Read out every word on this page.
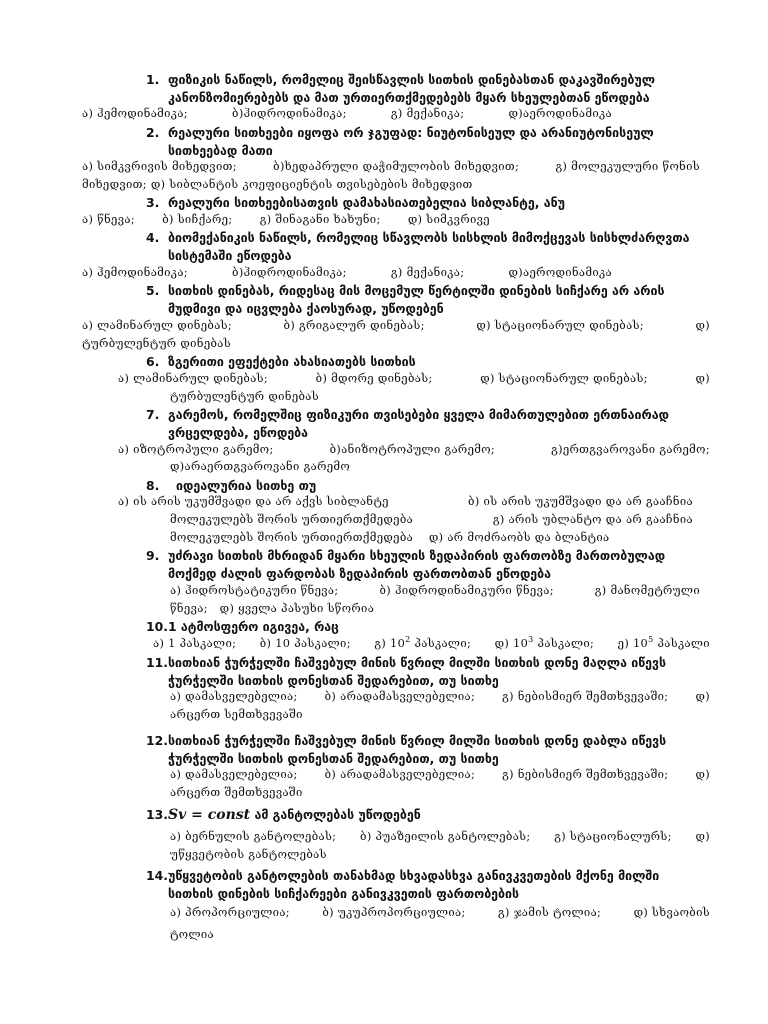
1. ფიზიკის ნაწილს, რომელიც შეისწავლის სითხის დინებასთან დაკავშირებულ
კანონზომიერებებს და მათ ურთიერთქმედებებს მყარ სხეულებთან ეწოდება
ა) ჰემოდინამიკა;	ბ)ჰიდროდინამიკა;	გ) მექანიკა;	დ)აეროდინამიკა
2. რეალური სითხეები იყოფა ორ ჯგუფად: ნიუტონისეულ და არანიუტონისეულ
სითხეებად მათი
ა) სიმკვრივის მიხედვით;	ბ)ხედაპრული დაჭიმულობის მიხედვით;	გ) მოლეკულური წონის
მიხედვით; დ) სიბლანტის კოეფიციენტის თვისებების მიხედვით
3. რეალური სითხეებისათვის დამახასიათებელია სიბლანტე, ანუ
ა) წნევა; ბ) სიჩქარე; გ) შინაგანი ხახუნი; დ) სიმკვრივე
4. ბიომექანიკის ნაწილს, რომელიც სწავლობს სისხლის მიმოქცევას სისხლძარღვთა
სისტემაში ეწოდება
ა) ჰემოდინამიკა;	ბ)ჰიდროდინამიკა;	გ) მექანიკა;	დ)აეროდინამიკა
5. სითხის დინებას, რიდესაც მის მოცემულ წერტილში დინების სიჩქარე არ არის
მუდმივი და იცვლება ქაოსურად, უწოდებენ
ა) ლამინარულ დინებას;	ბ) გრიგალურ დინებას;	დ) სტაციონარულ დინებას;	დ)
ტურბულენტურ დინებას
6. ზგერითი ეფექტები ახასიათებს სითხის
ა) ლამინარულ დინებას;	ბ) მდორე დინებას;	დ) სტაციონარულ დინებას;	დ)
ტურბულენტურ დინებას
7. გარემოს, რომელშიც ფიზიკური თვისებები ყველა მიმართულებით ერთნაირად
ვრცელდება, ეწოდება
ა) იზოტროპული გარემო;	ბ)ანიზოტროპული გარემო;	გ)ერთგვაროვანი გარემო;
დ)არაერთგვაროვანი გარემო
8. იდეალურია სითხე თუ
ა) ის არის უკუმშვადი და არ აქვს სიბლანტე	ბ) ის არის უკუმშვადი და არ გააჩნია
მოლეკულებს შორის ურთიერთქმედება	გ) არის უბლანტო და არ გააჩნია
მოლეკულებს შორის ურთიერთქმედება დ) არ მოძრაობს და ბლანტია
9. უძრავი სითხის მხრიდან მყარი სხეულის ზედაპირის ფართობზე მართობულად
მოქმედ ძალის ფარდობას ზედაპირის ფართობთან ეწოდება
ა) ჰიდროსტატიკური წნევა;	ბ) ჰიდროდინამიკური წნევა;	გ) მანომეტრული
წნევა; დ) ყველა პასუხი სწორია
10.1 ატმოსფერო იგივეა, რაც
ა) 1 პასკალი; ბ) 10 პასკალი; გ) $10^2$ პასკალი; დ) $10^3$ პასკალი; ე) $10^5$ პასკალი
11.სითხიან ჭურჭელში ჩაშვებულ მინის წვრილ მილში სითხის დონე მაღლა იწევს
ჭურჭელში სითხის დონესთან შედარებით, თუ სითხე
ა) დამასველებელია; ბ) არადამასველებელია; გ) ნებისმიერ შემთხვევაში; დ)
არცერთ სემთხვევაში
12.სითხიან ჭურჭელში ჩაშვებულ მინის წვრილ მილში სითხის დონე დაბლა იწევს
ჭურჭელში სითხის დონესთან შედარებით, თუ სითხე
ა) დამასველებელია; ბ) არადამასველებელია; გ) ნებისმიერ შემთხვევაში; დ)
არცერთ შემთხვევაში
13.Sv = const ამ განტოლებას უწოდებენ
ა) ბერნულის განტოლებას; ბ) პუაზეილის განტოლებას; გ) სტაციონალურს; დ)
უწყვეტობის განტოლებას
14.უწყვეტობის განტოლების თანახმად სხვადასხვა განივკვეთების მქონე მილში
სითხის დინების სიჩქარეები განივკვეთის ფართობების
ა) პროპორციულია;	ბ) უკუპროპორციულია;	გ) ჯამის ტოლია;	დ) სხვაობის
ტოლია
